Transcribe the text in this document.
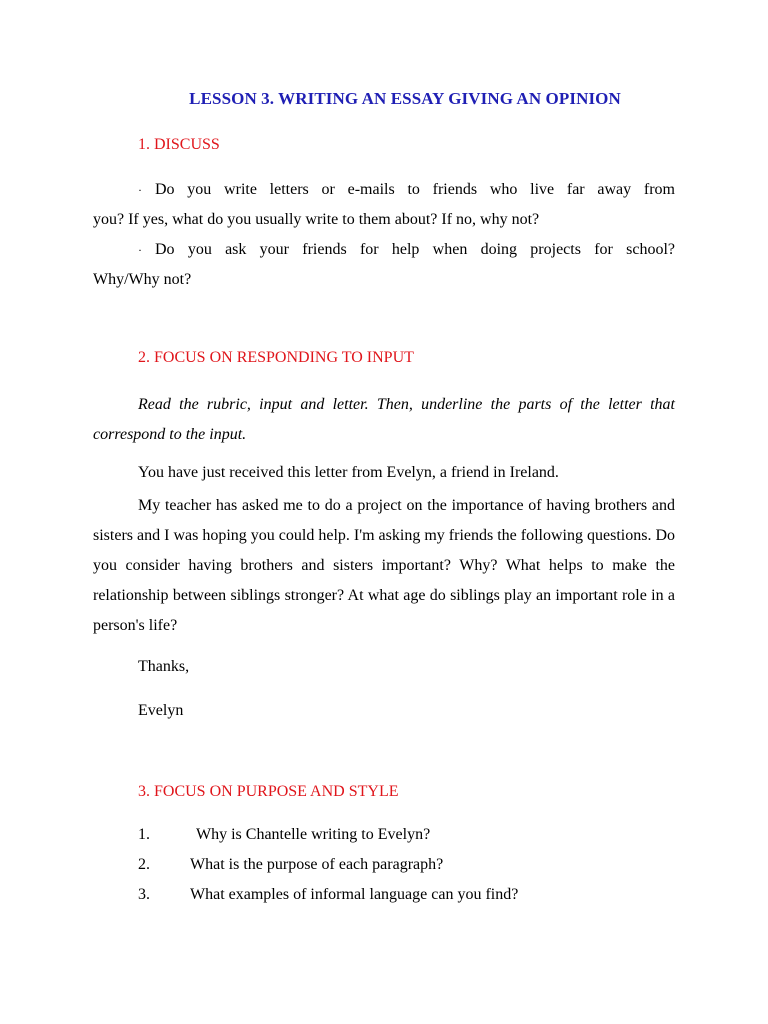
LESSON 3. WRITING AN ESSAY GIVING AN OPINION
1. DISCUSS
· Do you write letters or e-mails to friends who live far away from
you? If yes, what do you usually write to them about? If no, why not?
· Do you ask your friends for help when doing projects for school?
Why/Why not?
2. FOCUS ON RESPONDING TO INPUT
Read the rubric, input and letter. Then, underline the parts of the letter that correspond to the input.
You have just received this letter from Evelyn, a friend in Ireland.
My teacher has asked me to do a project on the importance of having brothers and sisters and I was hoping you could help. I'm asking my friends the following questions. Do you consider having brothers and sisters important? Why? What helps to make the relationship between siblings stronger? At what age do siblings play an important role in a person's life?
Thanks,
Evelyn
3. FOCUS ON PURPOSE AND STYLE
1.	Why is Chantelle writing to Evelyn?
2.	What is the purpose of each paragraph?
3.	What examples of informal language can you find?
